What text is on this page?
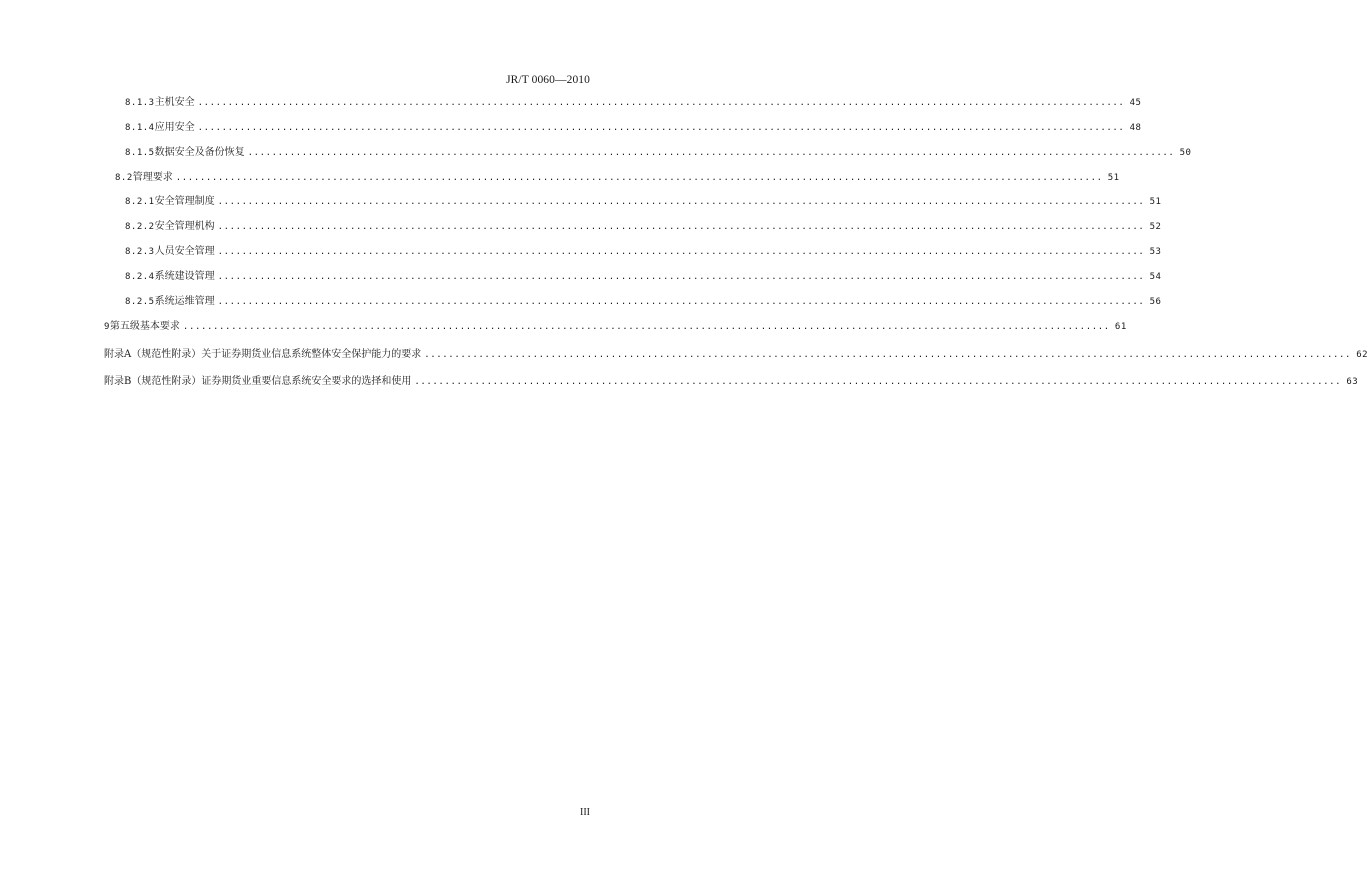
JR/T 0060—2010
8.1.3 主机安全 .......................................................................................................................................................... 45
8.1.4 应用安全 .......................................................................................................................................................... 48
8.1.5 数据安全及备份恢复 .......................................................................................................................................................... 50
8.2 管理要求 .......................................................................................................................................................... 51
8.2.1 安全管理制度 .......................................................................................................................................................... 51
8.2.2 安全管理机构 .......................................................................................................................................................... 52
8.2.3 人员安全管理 .......................................................................................................................................................... 53
8.2.4 系统建设管理 .......................................................................................................................................................... 54
8.2.5 系统运维管理 .......................................................................................................................................................... 56
9 第五级基本要求 .......................................................................................................................................................... 61
附录A（规范性附录） 关于证券期货业信息系统整体安全保护能力的要求 .......................................................................................................................................................... 62
附录B（规范性附录） 证券期货业重要信息系统安全要求的选择和使用 .......................................................................................................................................................... 63
III
